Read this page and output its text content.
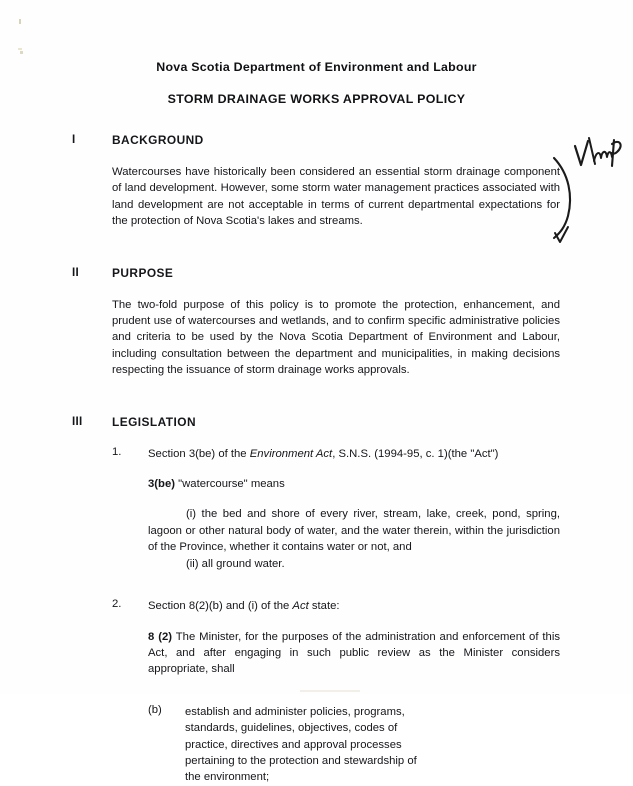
Nova Scotia Department of Environment and Labour
STORM DRAINAGE WORKS APPROVAL POLICY
I	BACKGROUND

Watercourses have historically been considered an essential storm drainage component of land development. However, some storm water management practices associated with land development are not acceptable in terms of current departmental expectations for the protection of Nova Scotia's lakes and streams.

II	PURPOSE

The two-fold purpose of this policy is to promote the protection, enhancement, and prudent use of watercourses and wetlands, and to confirm specific administrative policies and criteria to be used by the Nova Scotia Department of Environment and Labour, including consultation between the department and municipalities, in making decisions respecting the issuance of storm drainage works approvals.

III LEGISLATION
1.	Section 3(be) of the Environment Act, S.N.S. (1994-95, c. 1)(the "Act")
3(be) "watercourse" means
(i) the bed and shore of every river, stream, lake, creek, pond, spring, lagoon or other natural body of water, and the water therein, within the jurisdiction of the Province, whether it contains water or not, and
(ii) all ground water.
2.	Section 8(2)(b) and (i) of the Act state:
8 (2) The Minister, for the purposes of the administration and enforcement of this Act, and after engaging in such public review as the Minister considers appropriate, shall
(b)	establish and administer policies, programs, standards, guidelines, objectives, codes of practice, directives and approval processes pertaining to the protection and stewardship of the environment;
